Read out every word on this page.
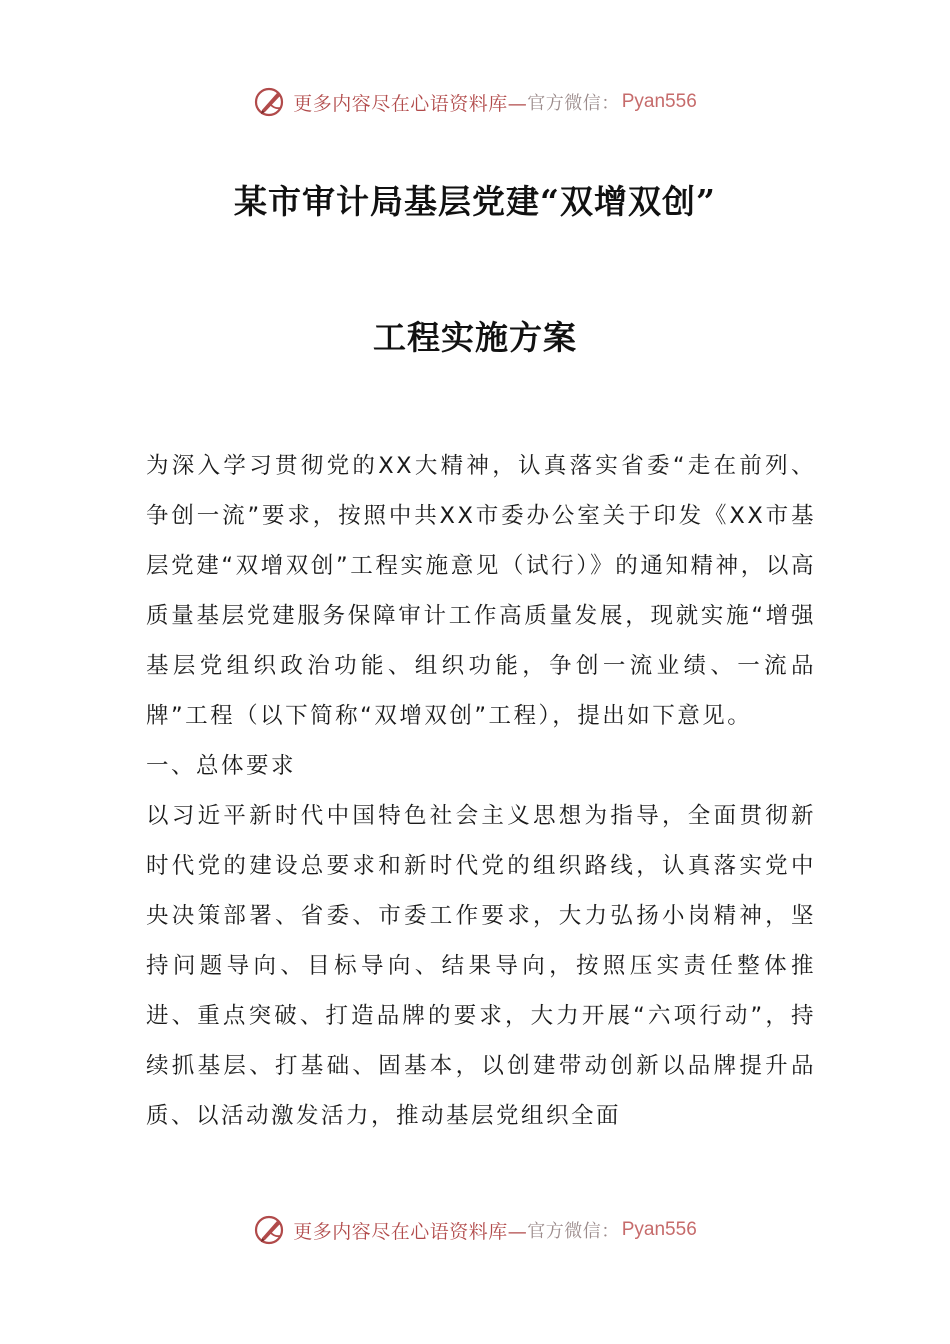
更多内容尽在心语资料库— 官方微信： Pyan556
某市审计局基层党建“双增双创”
工程实施方案

为深入学习贯彻党的XX大精神，认真落实省委“走在前列、争创一流”要求，按照中共XX市委办公室关于印发《XX市基层党建“双增双创”工程实施意见（试行）》的通知精神，以高质量基层党建服务保障审计工作高质量发展，现就实施“增强基层党组织政治功能、组织功能，争创一流业绩、一流品牌”工程（以下简称“双增双创”工程），提出如下意见。

一、总体要求

以习近平新时代中国特色社会主义思想为指导，全面贯彻新时代党的建设总要求和新时代党的组织路线，认真落实党中央决策部署、省委、市委工作要求，大力弘扬小岗精神，坚持问题导向、目标导向、结果导向，按照压实责任整体推进、重点突破、打造品牌的要求，大力开展“六项行动”，持续抓基层、打基础、固基本，以创建带动创新以品牌提升品质、以活动激发活力，推动基层党组织全面

更多内容尽在心语资料库— 官方微信： Pyan556
